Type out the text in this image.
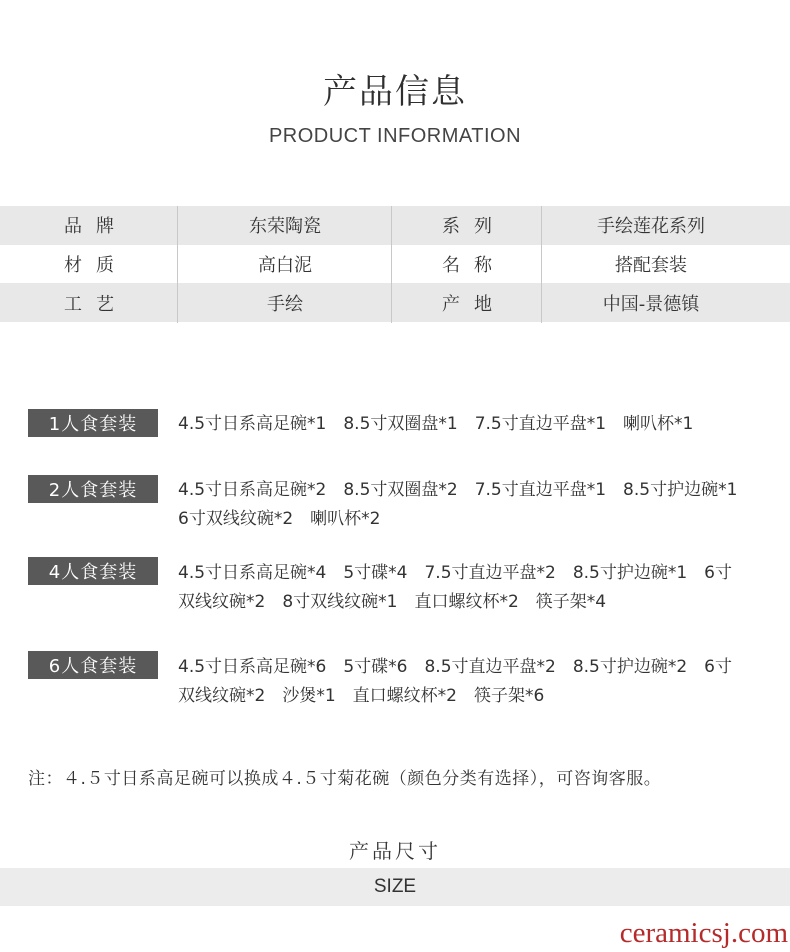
产品信息
PRODUCT INFORMATION
品牌	东荣陶瓷	系列	手绘莲花系列
材质	高白泥	名称	搭配套装
工艺	手绘	产地	中国-景德镇
1人食套装	4.5寸日系高足碗*1　8.5寸双圈盘*1　7.5寸直边平盘*1　喇叭杯*1
2人食套装	4.5寸日系高足碗*2　8.5寸双圈盘*2　7.5寸直边平盘*1　8.5寸护边碗*1
6寸双线纹碗*2　喇叭杯*2
4人食套装	4.5寸日系高足碗*4　5寸碟*4　7.5寸直边平盘*2　8.5寸护边碗*1　6寸
双线纹碗*2　8寸双线纹碗*1　直口螺纹杯*2　筷子架*4
6人食套装	4.5寸日系高足碗*6　5寸碟*6　8.5寸直边平盘*2　8.5寸护边碗*2　6寸
双线纹碗*2　沙煲*1　直口螺纹杯*2　筷子架*6
注：４.５寸日系高足碗可以换成４.５寸菊花碗（颜色分类有选择），可咨询客服。
产品尺寸
SIZE
ceramicsj.com
